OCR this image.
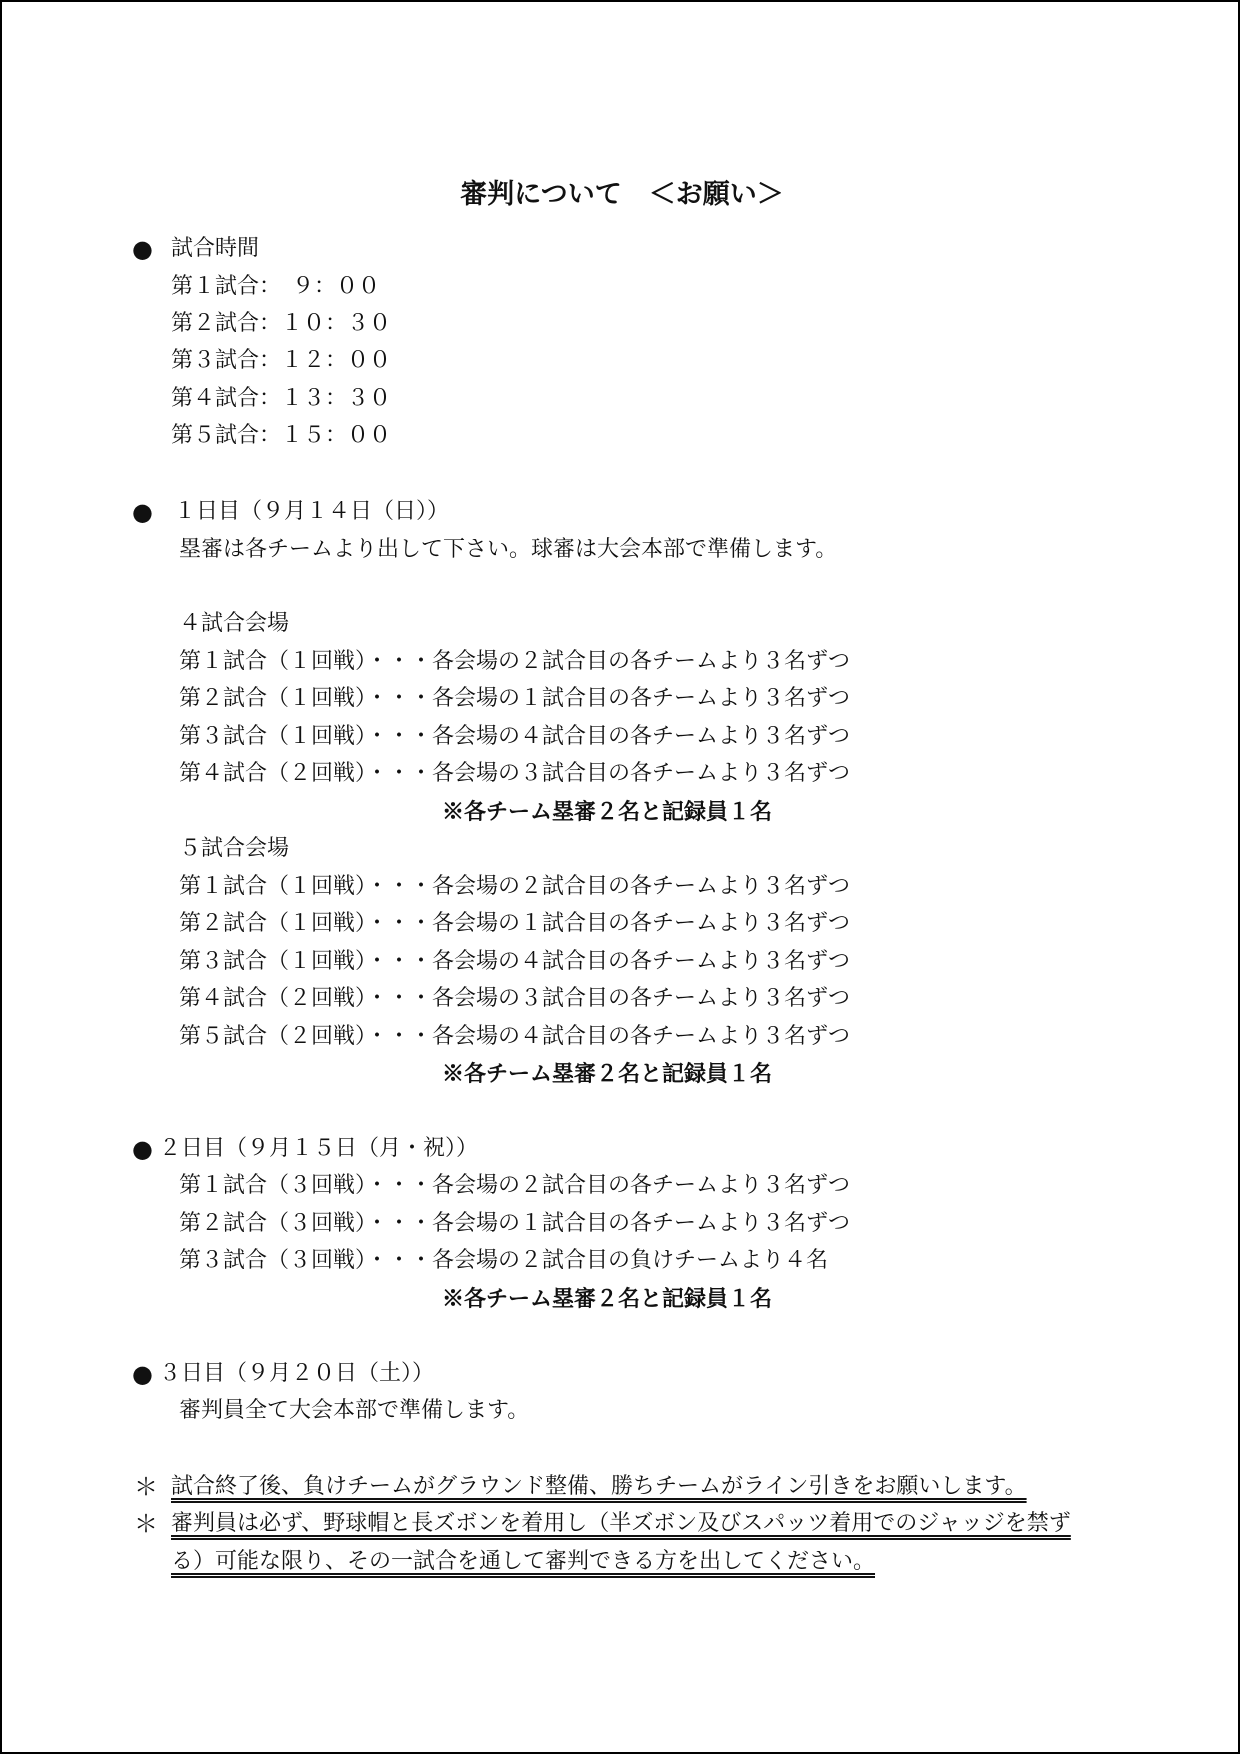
審判について　＜お願い＞
● 試合時間
第１試合：　９：００
第２試合：１０：３０
第３試合：１２：００
第４試合：１３：３０
第５試合：１５：００
● １日目（９月１４日（日））
塁審は各チームより出して下さい。球審は大会本部で準備します。
４試合会場
第１試合（１回戦）・・・各会場の２試合目の各チームより３名ずつ
第２試合（１回戦）・・・各会場の１試合目の各チームより３名ずつ
第３試合（１回戦）・・・各会場の４試合目の各チームより３名ずつ
第４試合（２回戦）・・・各会場の３試合目の各チームより３名ずつ
※各チーム塁審２名と記録員１名
５試合会場
第１試合（１回戦）・・・各会場の２試合目の各チームより３名ずつ
第２試合（１回戦）・・・各会場の１試合目の各チームより３名ずつ
第３試合（１回戦）・・・各会場の４試合目の各チームより３名ずつ
第４試合（２回戦）・・・各会場の３試合目の各チームより３名ずつ
第５試合（２回戦）・・・各会場の４試合目の各チームより３名ずつ
※各チーム塁審２名と記録員１名
● ２日目（９月１５日（月・祝））
第１試合（３回戦）・・・各会場の２試合目の各チームより３名ずつ
第２試合（３回戦）・・・各会場の１試合目の各チームより３名ずつ
第３試合（３回戦）・・・各会場の２試合目の負けチームより４名
※各チーム塁審２名と記録員１名
● ３日目（９月２０日（土））
審判員全て大会本部で準備します。
＊ 試合終了後、負けチームがグラウンド整備、勝ちチームがライン引きをお願いします。
＊ 審判員は必ず、野球帽と長ズボンを着用し（半ズボン及びスパッツ着用でのジャッジを禁ず
る）可能な限り、その一試合を通して審判できる方を出してください。
